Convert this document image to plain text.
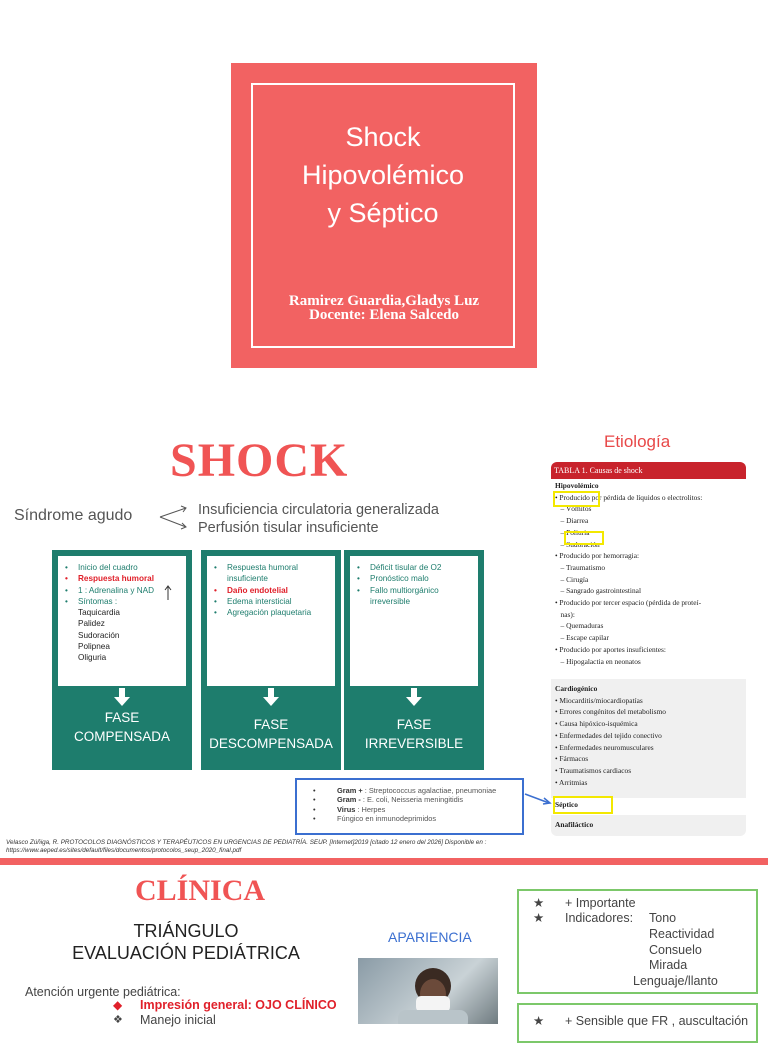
Shock Hipovolémico y Séptico
Ramirez Guardia,Gladys Luz
Docente: Elena Salcedo
SHOCK
Síndrome agudo	Insuficiencia circulatoria generalizada
Perfusión tisular insuficiente
• Inicio del cuadro
• Respuesta humoral
• 1 : Adrenalina y NAD
• Síntomas :
Taquicardia
Palidez
Sudoración
Polipnea
Oliguria
FASE
COMPENSADA
• Respuesta humoral insuficiente
• Daño endotelial
• Edema intersticial
• Agregación plaquetaria
FASE
DESCOMPENSADA
• Déficit tisular de O2
• Pronóstico malo
• Fallo multiorgánico irreversible
FASE
IRREVERSIBLE
Etiología
TABLA 1. Causas de shock
Hipovolémico
• Producido por pérdida de líquidos o electrolitos:
– Vómitos
– Diarrea
– Poliuria
– Sudoración
• Producido por hemorragia:
– Traumatismo
– Cirugía
– Sangrado gastrointestinal
• Producido por tercer espacio (pérdida de proteí-
nas):
– Quemaduras
– Escape capilar
• Producido por aportes insuficientes:
– Hipogalactia en neonatos
Cardiogénico
• Miocarditis/miocardiopatías
• Errores congénitos del metabolismo
• Causa hipóxico-isquémica
• Enfermedades del tejido conectivo
• Enfermedades neuromusculares
• Fármacos
• Traumatismos cardiacos
• Arritmias
Séptico
Anafiláctico
• Gram + : Streptococcus agalactiae, pneumoniae
• Gram - : E. coli, Neisseria meningitidis
• Virus : Herpes
• Fúngico en inmunodeprimidos
Velasco Zúñiga, R. PROTOCOLOS DIAGNÓSTICOS Y TERAPÉUTICOS EN URGENCIAS DE PEDIATRÍA. SEUP. [Internet]2019 [citado 12 enero del 2026] Disponible en : https://www.aeped.es/sites/default/files/documentos/protocolos_seup_2020_final.pdf
CLÍNICA
TRIÁNGULO
EVALUACIÓN PEDIÁTRICA
APARIENCIA
Atención urgente pediátrica:
◆ Impresión general: OJO CLÍNICO
❖ Manejo inicial
★ + Importante
★ Indicadores: Tono
Reactividad
Consuelo
Mirada
Lenguaje/llanto
★ + Sensible que FR , auscultación
